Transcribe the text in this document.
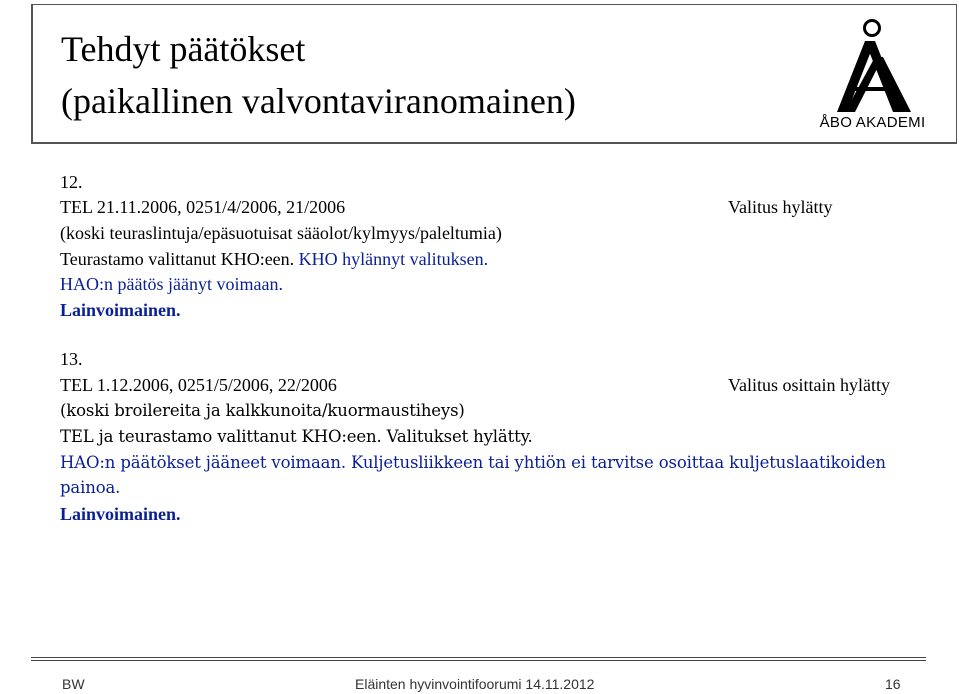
Tehdyt päätökset
(paikallinen valvontaviranomainen)
ÅBO AKADEMI
12.
TEL 21.11.2006, 0251/4/2006, 21/2006	Valitus hylätty
(koski teuraslintuja/epäsuotuisat sääolot/kylmyys/paleltumia)
Teurastamo valittanut KHO:een. KHO hylännyt valituksen.
HAO:n päätös jäänyt voimaan.
Lainvoimainen.
13.
TEL 1.12.2006, 0251/5/2006, 22/2006	Valitus osittain hylätty
(koski broilereita ja kalkkunoita/kuormaustiheys)
TEL ja teurastamo valittanut KHO:een. Valitukset hylätty.
HAO:n päätökset jääneet voimaan. Kuljetusliikkeen tai yhtiön ei tarvitse osoittaa kuljetuslaatikoiden
painoa.
Lainvoimainen.
BW	Eläinten hyvinvointifoorumi 14.11.2012	16
